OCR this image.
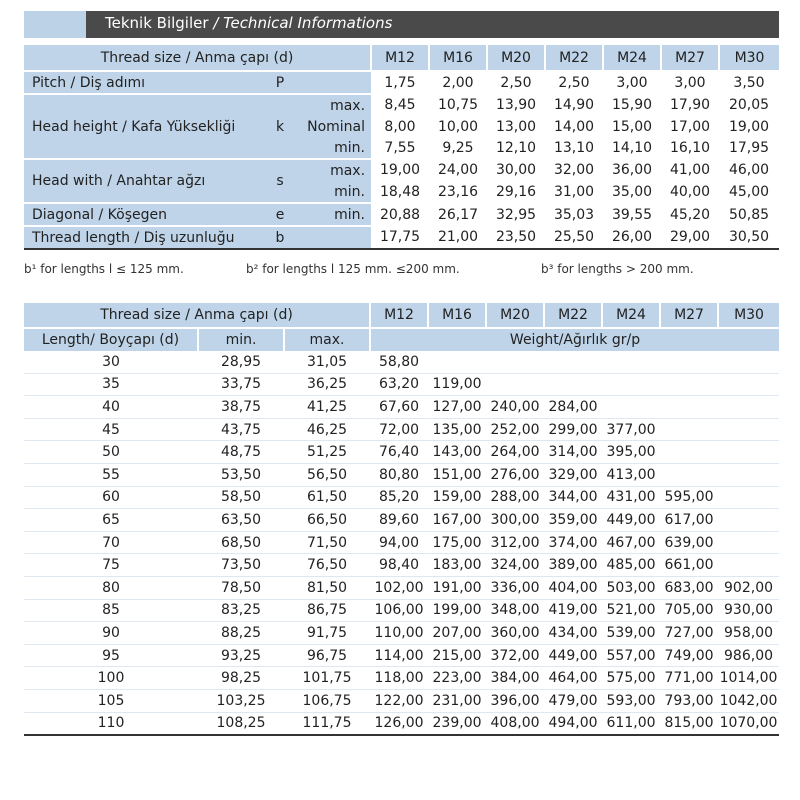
Teknik Bilgiler / Technical Informations
Thread size / Anma çapı (d)			M12	M16	M20	M22	M24	M27	M30
Pitch / Diş adımı	P		1,75	2,00	2,50	2,50	3,00	3,00	3,50
Head height / Kafa Yüksekliği	k	max.	8,45	10,75	13,90	14,90	15,90	17,90	20,05
		Nominal	8,00	10,00	13,00	14,00	15,00	17,00	19,00
		min.	7,55	9,25	12,10	13,10	14,10	16,10	17,95
Head with / Anahtar ağzı	s	max.	19,00	24,00	30,00	32,00	36,00	41,00	46,00
		min.	18,48	23,16	29,16	31,00	35,00	40,00	45,00
Diagonal / Köşegen	e	min.	20,88	26,17	32,95	35,03	39,55	45,20	50,85
Thread length / Diş uzunluğu	b		17,75	21,00	23,50	25,50	26,00	29,00	30,50
b¹ for lengths l ≤ 125 mm.	b² for lengths l 125 mm. ≤200 mm.	b³ for lengths > 200 mm.
Thread size / Anma çapı (d)			M12	M16	M20	M22	M24	M27	M30
Length/ Boyçapı (d)	min.	max.	Weight/Ağırlık gr/p						
30	28,95	31,05	58,80						
35	33,75	36,25	63,20	119,00					
40	38,75	41,25	67,60	127,00	240,00	284,00			
45	43,75	46,25	72,00	135,00	252,00	299,00	377,00		
50	48,75	51,25	76,40	143,00	264,00	314,00	395,00		
55	53,50	56,50	80,80	151,00	276,00	329,00	413,00		
60	58,50	61,50	85,20	159,00	288,00	344,00	431,00	595,00	
65	63,50	66,50	89,60	167,00	300,00	359,00	449,00	617,00	
70	68,50	71,50	94,00	175,00	312,00	374,00	467,00	639,00	
75	73,50	76,50	98,40	183,00	324,00	389,00	485,00	661,00	
80	78,50	81,50	102,00	191,00	336,00	404,00	503,00	683,00	902,00
85	83,25	86,75	106,00	199,00	348,00	419,00	521,00	705,00	930,00
90	88,25	91,75	110,00	207,00	360,00	434,00	539,00	727,00	958,00
95	93,25	96,75	114,00	215,00	372,00	449,00	557,00	749,00	986,00
100	98,25	101,75	118,00	223,00	384,00	464,00	575,00	771,00	1014,00
105	103,25	106,75	122,00	231,00	396,00	479,00	593,00	793,00	1042,00
110	108,25	111,75	126,00	239,00	408,00	494,00	611,00	815,00	1070,00
